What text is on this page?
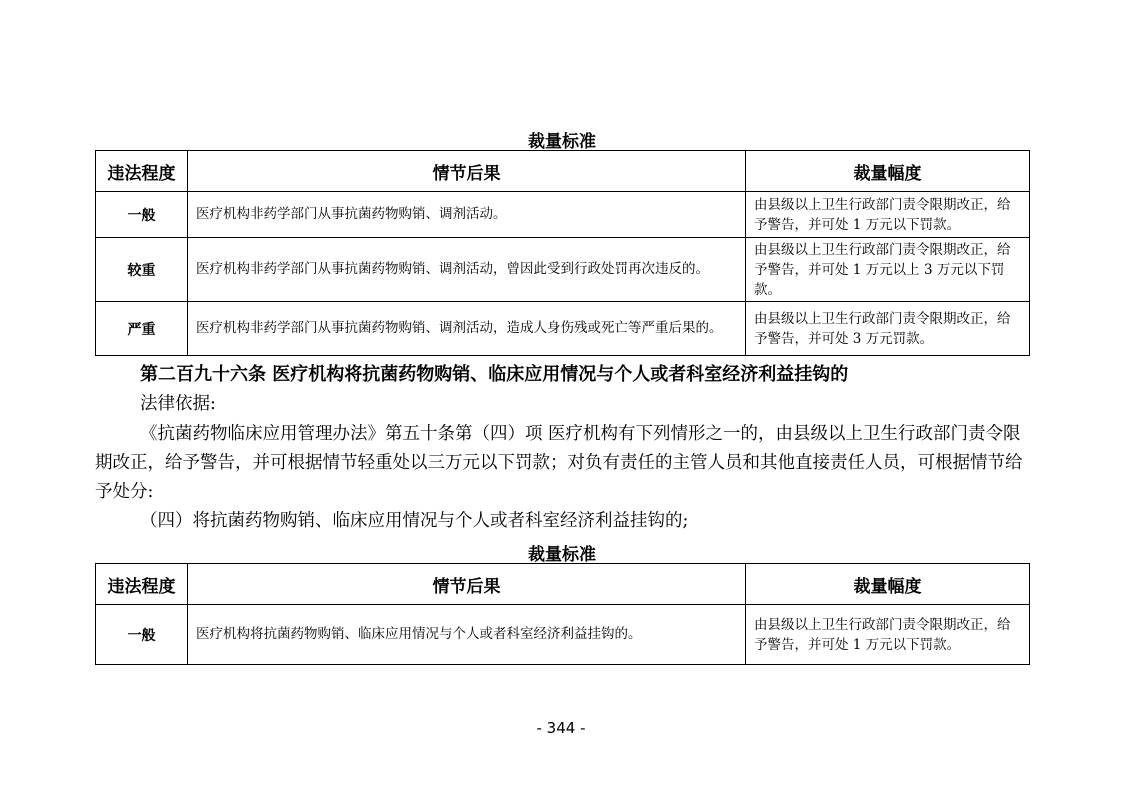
裁量标准
违法程度	情节后果	裁量幅度
一般	医疗机构非药学部门从事抗菌药物购销、调剂活动。	由县级以上卫生行政部门责令限期改正，给予警告，并可处 1 万元以下罚款。
较重	医疗机构非药学部门从事抗菌药物购销、调剂活动，曾因此受到行政处罚再次违反的。	由县级以上卫生行政部门责令限期改正，给予警告，并可处 1 万元以上 3 万元以下罚款。
严重	医疗机构非药学部门从事抗菌药物购销、调剂活动，造成人身伤残或死亡等严重后果的。	由县级以上卫生行政部门责令限期改正，给予警告，并可处 3 万元罚款。
第二百九十六条 医疗机构将抗菌药物购销、临床应用情况与个人或者科室经济利益挂钩的
法律依据:
《抗菌药物临床应用管理办法》第五十条第（四）项 医疗机构有下列情形之一的，由县级以上卫生行政部门责令限期改正，给予警告，并可根据情节轻重处以三万元以下罚款；对负有责任的主管人员和其他直接责任人员，可根据情节给予处分:
（四）将抗菌药物购销、临床应用情况与个人或者科室经济利益挂钩的;
裁量标准
违法程度	情节后果	裁量幅度
一般	医疗机构将抗菌药物购销、临床应用情况与个人或者科室经济利益挂钩的。	由县级以上卫生行政部门责令限期改正，给予警告，并可处 1 万元以下罚款。
- 344 -
